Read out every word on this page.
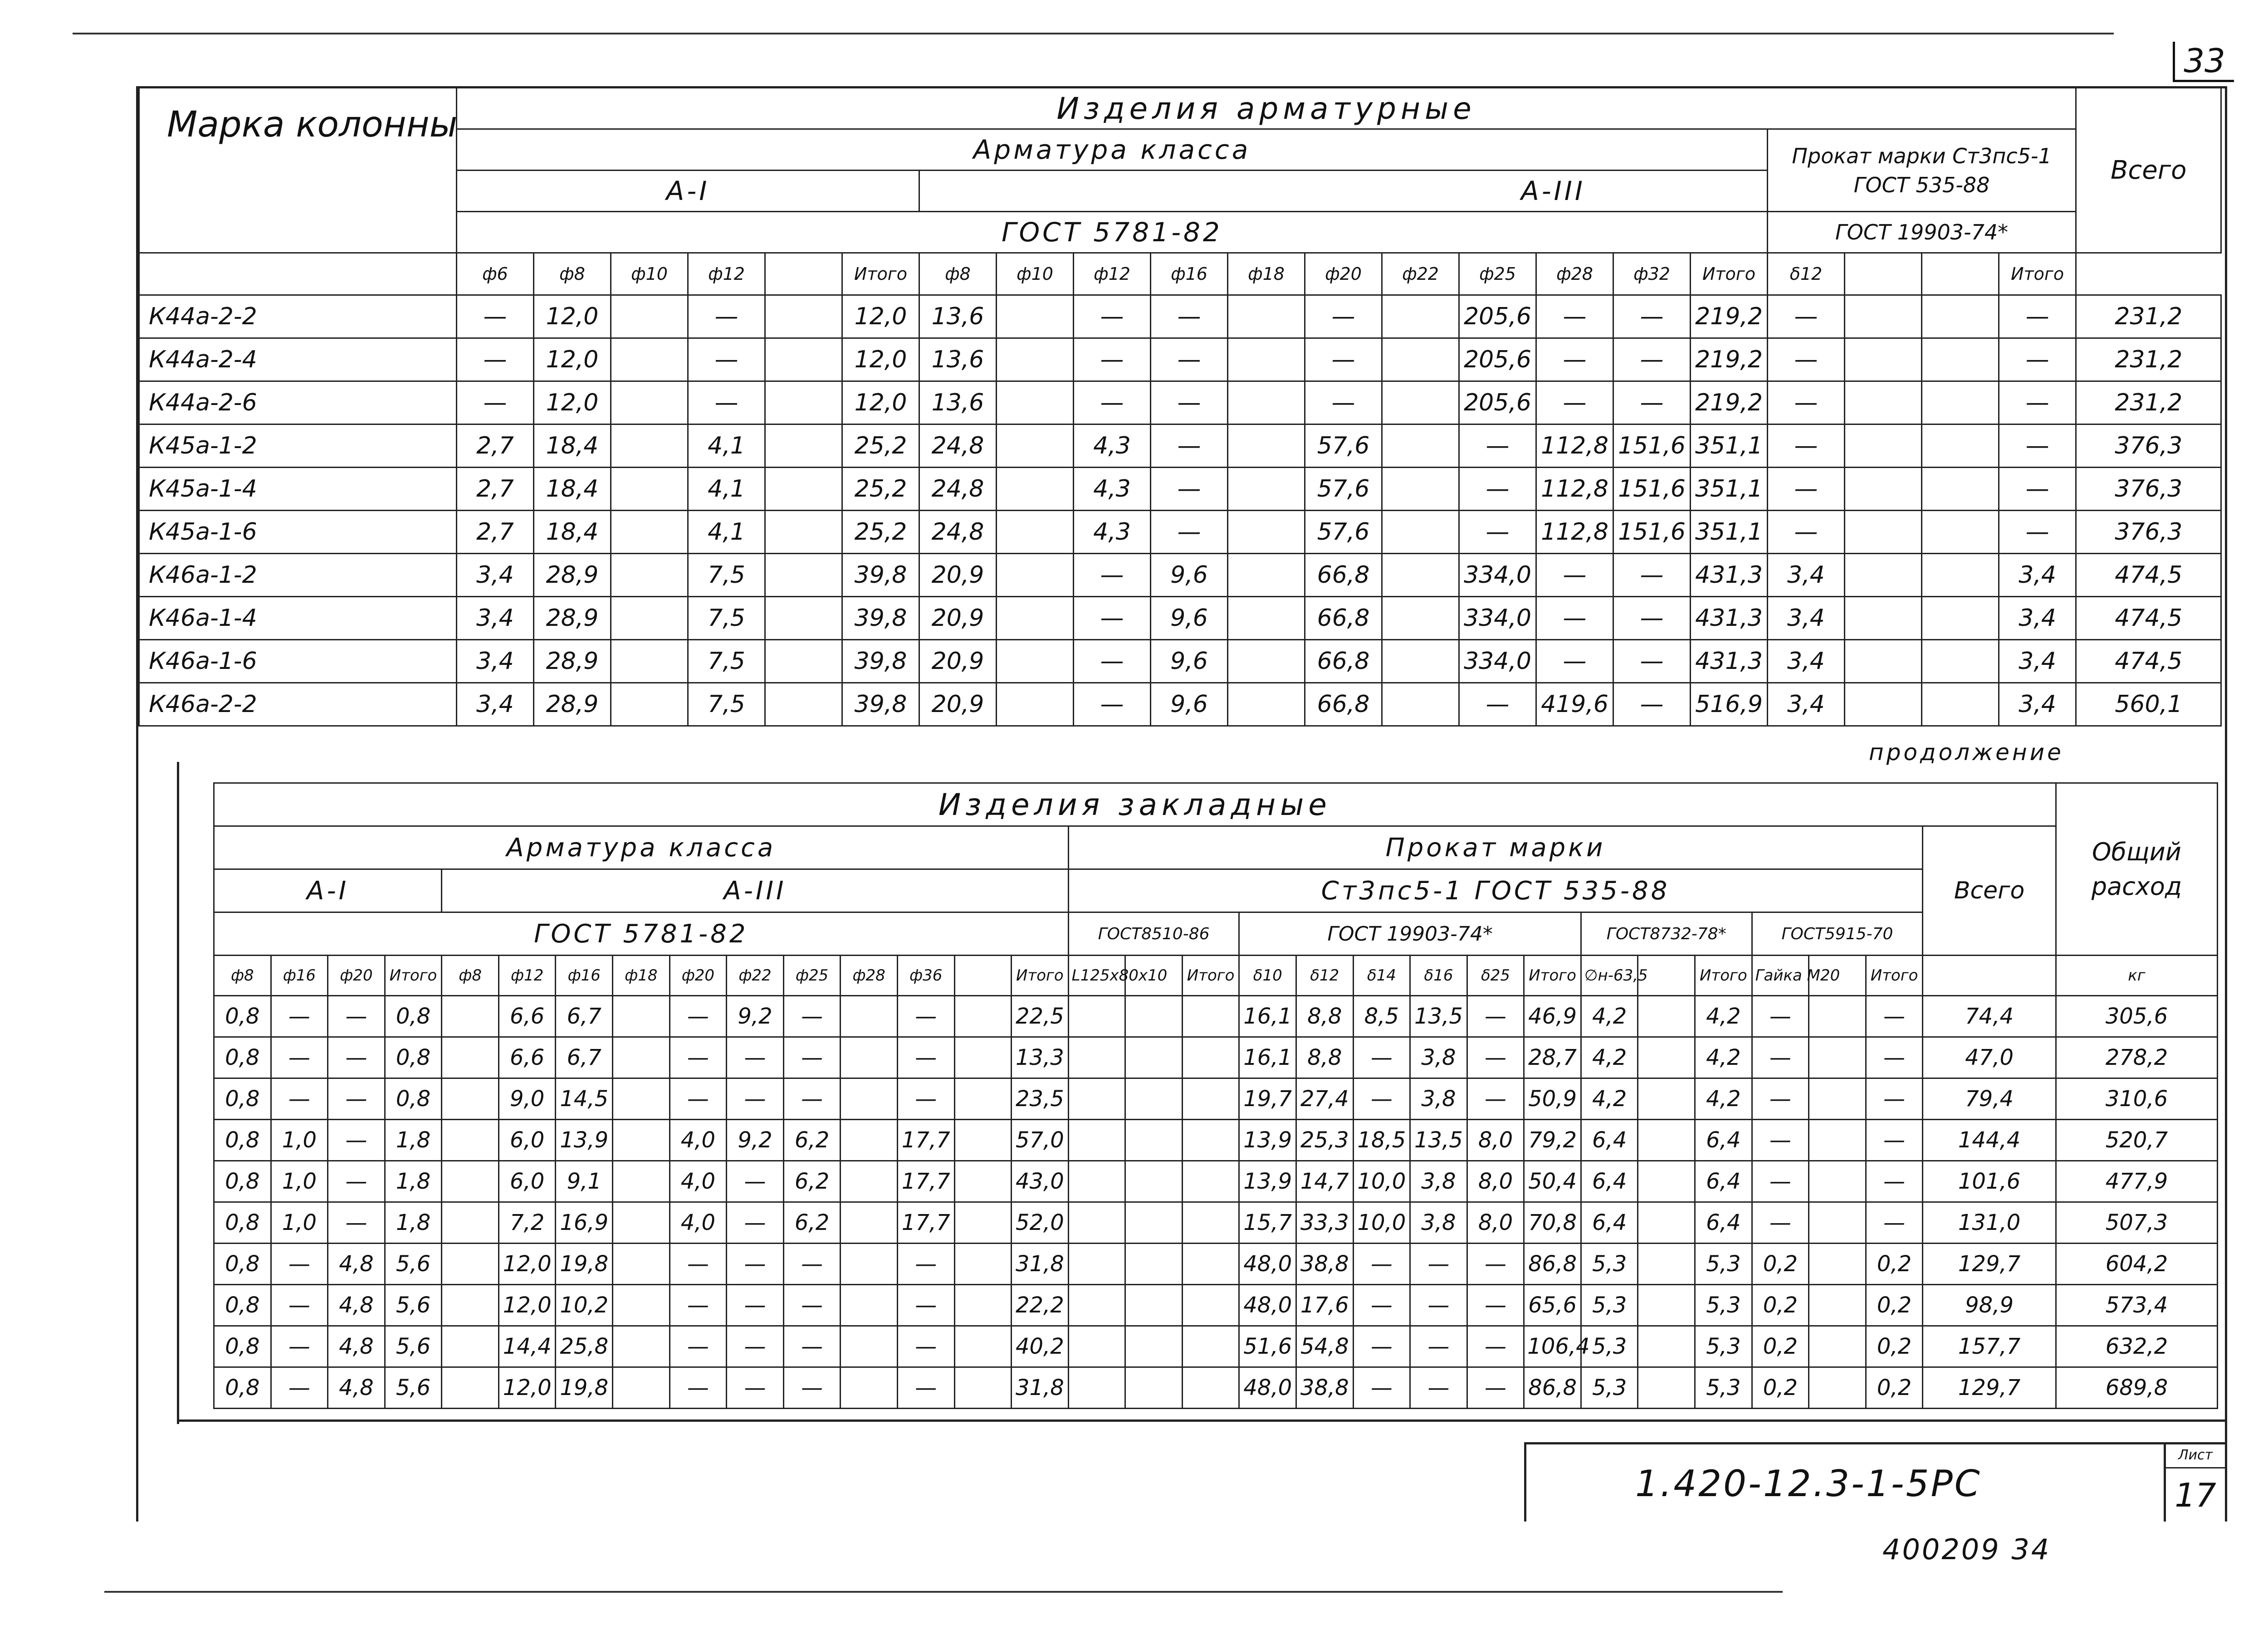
33
Марка колонны	Изделия арматурные																					Всего
	Арматура класса																	Прокат марки Ст3пс5-1 ГОСТ 535-88				
	А-I						А-III															
	ГОСТ 5781-82																	ГОСТ 19903-74*				
	ф6	ф8	ф10	ф12		Итого	ф8	ф10	ф12	ф16	ф18	ф20	ф22	ф25	ф28	ф32	Итого	δ12			Итого	
К44а-2-2	—	12,0		—		12,0	13,6		—	—		—		205,6	—	—	219,2	—			—	231,2
К44а-2-4	—	12,0		—		12,0	13,6		—	—		—		205,6	—	—	219,2	—			—	231,2
К44а-2-6	—	12,0		—		12,0	13,6		—	—		—		205,6	—	—	219,2	—			—	231,2
К45а-1-2	2,7	18,4		4,1		25,2	24,8		4,3	—		57,6		—	112,8	151,6	351,1	—			—	376,3
К45а-1-4	2,7	18,4		4,1		25,2	24,8		4,3	—		57,6		—	112,8	151,6	351,1	—			—	376,3
К45а-1-6	2,7	18,4		4,1		25,2	24,8		4,3	—		57,6		—	112,8	151,6	351,1	—			—	376,3
К46а-1-2	3,4	28,9		7,5		39,8	20,9		—	9,6		66,8		334,0	—	—	431,3	3,4			3,4	474,5
К46а-1-4	3,4	28,9		7,5		39,8	20,9		—	9,6		66,8		334,0	—	—	431,3	3,4			3,4	474,5
К46а-1-6	3,4	28,9		7,5		39,8	20,9		—	9,6		66,8		334,0	—	—	431,3	3,4			3,4	474,5
К46а-2-2	3,4	28,9		7,5		39,8	20,9		—	9,6		66,8		—	419,6	—	516,9	3,4			3,4	560,1
продолжение
Изделия закладные																															Общий расход
Арматура класса															Прокат марки															Всего	
А-I				А-III											Ст3пс5-1 ГОСТ 535-88																
ГОСТ 5781-82															ГОСТ8510-86			ГОСТ 19903-74*						ГОСТ8732-78*			ГОСТ5915-70				
ф8	ф16	ф20	Итого	ф8	ф12	ф16	ф18	ф20	ф22	ф25	ф28	ф36		Итого	L125x80x10		Итого	δ10	δ12	δ14	δ16	δ25	Итого	∅н-63,5		Итого	Гайка М20		Итого		кг
0,8	—	—	0,8		6,6	6,7		—	9,2	—		—		22,5				16,1	8,8	8,5	13,5	—	46,9	4,2		4,2	—		—	74,4	305,6
0,8	—	—	0,8		6,6	6,7		—	—	—		—		13,3				16,1	8,8	—	3,8	—	28,7	4,2		4,2	—		—	47,0	278,2
0,8	—	—	0,8		9,0	14,5		—	—	—		—		23,5				19,7	27,4	—	3,8	—	50,9	4,2		4,2	—		—	79,4	310,6
0,8	1,0	—	1,8		6,0	13,9		4,0	9,2	6,2		17,7		57,0				13,9	25,3	18,5	13,5	8,0	79,2	6,4		6,4	—		—	144,4	520,7
0,8	1,0	—	1,8		6,0	9,1		4,0	—	6,2		17,7		43,0				13,9	14,7	10,0	3,8	8,0	50,4	6,4		6,4	—		—	101,6	477,9
0,8	1,0	—	1,8		7,2	16,9		4,0	—	6,2		17,7		52,0				15,7	33,3	10,0	3,8	8,0	70,8	6,4		6,4	—		—	131,0	507,3
0,8	—	4,8	5,6		12,0	19,8		—	—	—		—		31,8				48,0	38,8	—	—	—	86,8	5,3		5,3	0,2		0,2	129,7	604,2
0,8	—	4,8	5,6		12,0	10,2		—	—	—		—		22,2				48,0	17,6	—	—	—	65,6	5,3		5,3	0,2		0,2	98,9	573,4
0,8	—	4,8	5,6		14,4	25,8		—	—	—		—		40,2				51,6	54,8	—	—	—	106,4	5,3		5,3	0,2		0,2	157,7	632,2
0,8	—	4,8	5,6		12,0	19,8		—	—	—		—		31,8				48,0	38,8	—	—	—	86,8	5,3		5,3	0,2		0,2	129,7	689,8
1.420-12.3-1-5РС
Лист
17
400209 34
